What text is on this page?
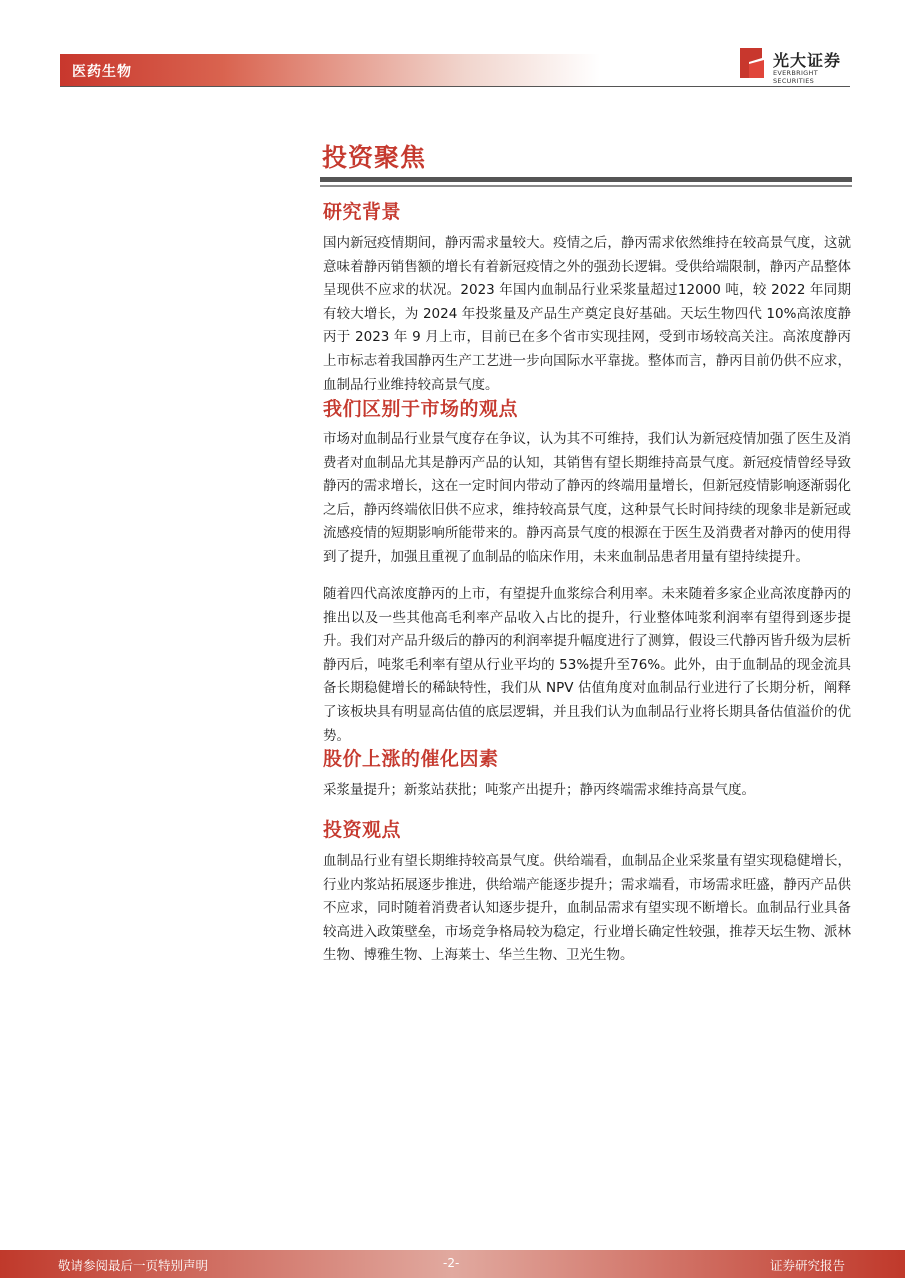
医药生物
光大证券
EVERBRIGHT SECURITIES
投资聚焦
研究背景
国内新冠疫情期间，静丙需求量较大。疫情之后，静丙需求依然维持在较高景气度，这就意味着静丙销售额的增长有着新冠疫情之外的强劲长逻辑。受供给端限制，静丙产品整体呈现供不应求的状况。2023 年国内血制品行业采浆量超过12000 吨，较 2022 年同期有较大增长，为 2024 年投浆量及产品生产奠定良好基础。天坛生物四代 10%高浓度静丙于 2023 年 9 月上市，目前已在多个省市实现挂网，受到市场较高关注。高浓度静丙上市标志着我国静丙生产工艺进一步向国际水平靠拢。整体而言，静丙目前仍供不应求，血制品行业维持较高景气度。
我们区别于市场的观点
市场对血制品行业景气度存在争议，认为其不可维持，我们认为新冠疫情加强了医生及消费者对血制品尤其是静丙产品的认知，其销售有望长期维持高景气度。新冠疫情曾经导致静丙的需求增长，这在一定时间内带动了静丙的终端用量增长，但新冠疫情影响逐渐弱化之后，静丙终端依旧供不应求，维持较高景气度，这种景气长时间持续的现象非是新冠或流感疫情的短期影响所能带来的。静丙高景气度的根源在于医生及消费者对静丙的使用得到了提升，加强且重视了血制品的临床作用，未来血制品患者用量有望持续提升。
随着四代高浓度静丙的上市，有望提升血浆综合利用率。未来随着多家企业高浓度静丙的推出以及一些其他高毛利率产品收入占比的提升，行业整体吨浆利润率有望得到逐步提升。我们对产品升级后的静丙的利润率提升幅度进行了测算，假设三代静丙皆升级为层析静丙后，吨浆毛利率有望从行业平均的 53%提升至76%。此外，由于血制品的现金流具备长期稳健增长的稀缺特性，我们从 NPV 估值角度对血制品行业进行了长期分析，阐释了该板块具有明显高估值的底层逻辑，并且我们认为血制品行业将长期具备估值溢价的优势。
股价上涨的催化因素
采浆量提升；新浆站获批；吨浆产出提升；静丙终端需求维持高景气度。
投资观点
血制品行业有望长期维持较高景气度。供给端看，血制品企业采浆量有望实现稳健增长，行业内浆站拓展逐步推进，供给端产能逐步提升；需求端看，市场需求旺盛，静丙产品供不应求，同时随着消费者认知逐步提升，血制品需求有望实现不断增长。血制品行业具备较高进入政策壁垒，市场竞争格局较为稳定，行业增长确定性较强，推荐天坛生物、派林生物、博雅生物、上海莱士、华兰生物、卫光生物。
敬请参阅最后一页特别声明	-2-	证券研究报告
